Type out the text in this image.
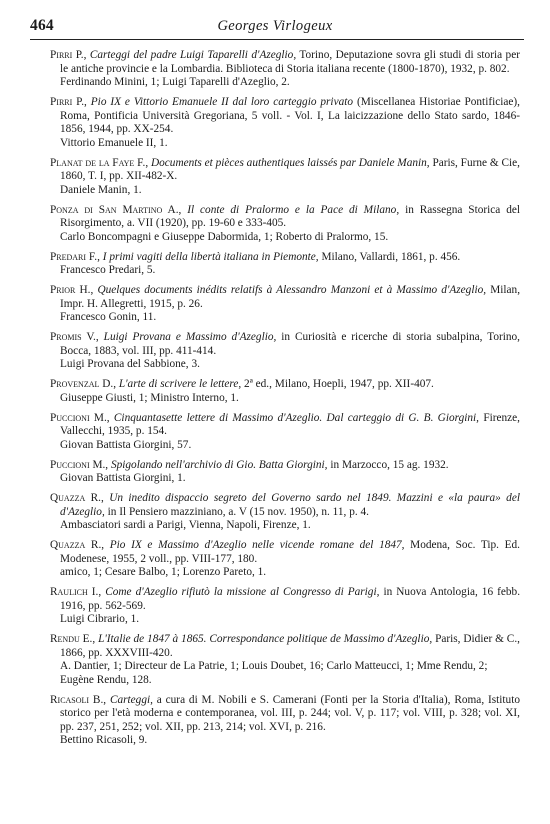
464	Georges Virlogeux

Pirri P., Carteggi del padre Luigi Taparelli d'Azeglio, Torino, Deputazione sovra gli studi di storia per le antiche provincie e la Lombardia. Biblioteca di Storia italiana recente (1800-1870), 1932, p. 802.

Ferdinando Minini, 1; Luigi Taparelli d'Azeglio, 2.

Pirri P., Pio IX e Vittorio Emanuele II dal loro carteggio privato (Miscellanea Historiae Pontificiae), Roma, Pontificia Università Gregoriana, 5 voll. - Vol. I, La laicizzazione dello Stato sardo, 1846-1856, 1944, pp. XX-254.

Vittorio Emanuele II, 1.

Planat de la Faye F., Documents et pièces authentiques laissés par Daniele Manin, Paris, Furne & Cie, 1860, T. I, pp. XII-482-X.

Daniele Manin, 1.

Ponza di San Martino A., Il conte di Pralormo e la Pace di Milano, in Rassegna Storica del Risorgimento, a. VII (1920), pp. 19-60 e 333-405.

Carlo Boncompagni e Giuseppe Dabormida, 1; Roberto di Pralormo, 15.

Predari F., I primi vagiti della libertà italiana in Piemonte, Milano, Vallardi, 1861, p. 456.

Francesco Predari, 5.

Prior H., Quelques documents inédits relatifs à Alessandro Manzoni et à Massimo d'Azeglio, Milan, Impr. H. Allegretti, 1915, p. 26.

Francesco Gonin, 11.

Promis V., Luigi Provana e Massimo d'Azeglio, in Curiosità e ricerche di storia subalpina, Torino, Bocca, 1883, vol. III, pp. 411-414.

Luigi Provana del Sabbione, 3.

Provenzal D., L'arte di scrivere le lettere, 2ª ed., Milano, Hoepli, 1947, pp. XII-407.

Giuseppe Giusti, 1; Ministro Interno, 1.

Puccioni M., Cinquantasette lettere di Massimo d'Azeglio. Dal carteggio di G. B. Giorgini, Firenze, Vallecchi, 1935, p. 154.

Giovan Battista Giorgini, 57.

Puccioni M., Spigolando nell'archivio di Gio. Batta Giorgini, in Marzocco, 15 ag. 1932.

Giovan Battista Giorgini, 1.

Quazza R., Un inedito dispaccio segreto del Governo sardo nel 1849. Mazzini e «la paura» del d'Azeglio, in Il Pensiero mazziniano, a. V (15 nov. 1950), n. 11, p. 4.

Ambasciatori sardi a Parigi, Vienna, Napoli, Firenze, 1.

Quazza R., Pio IX e Massimo d'Azeglio nelle vicende romane del 1847, Modena, Soc. Tip. Ed. Modenese, 1955, 2 voll., pp. VIII-177, 180.

amico, 1; Cesare Balbo, 1; Lorenzo Pareto, 1.

Raulich I., Come d'Azeglio rifiutò la missione al Congresso di Parigi, in Nuova Antologia, 16 febb. 1916, pp. 562-569.

Luigi Cibrario, 1.

Rendu E., L'Italie de 1847 à 1865. Correspondance politique de Massimo d'Azeglio, Paris, Didier & C., 1866, pp. XXXVIII-420.

A. Dantier, 1; Directeur de La Patrie, 1; Louis Doubet, 16; Carlo Matteucci, 1; Mme Rendu, 2; Eugène Rendu, 128.

Ricasoli B., Carteggi, a cura di M. Nobili e S. Camerani (Fonti per la Storia d'Italia), Roma, Istituto storico per l'età moderna e contemporanea, vol. III, p. 244; vol. V, p. 117; vol. VIII, p. 328; vol. XI, pp. 237, 251, 252; vol. XII, pp. 213, 214; vol. XVI, p. 216.

Bettino Ricasoli, 9.
